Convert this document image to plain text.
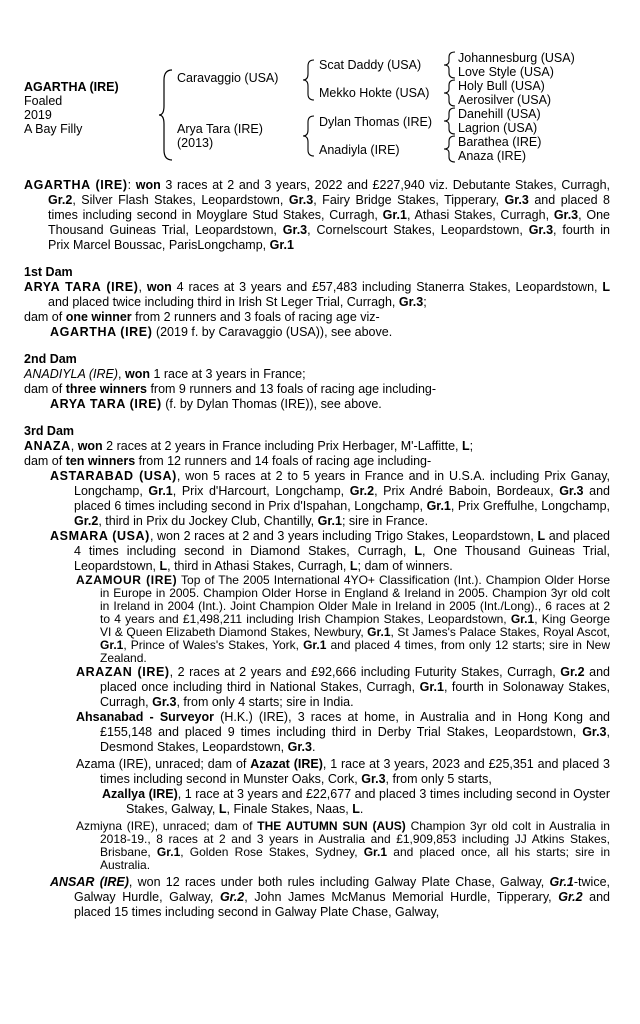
AGARTHA (IRE)
Foaled
2019
A Bay Filly
Caravaggio (USA)
Arya Tara (IRE)
(2013)
Scat Daddy (USA)
Mekko Hokte (USA)
Dylan Thomas (IRE)
Anadiyla (IRE)
Johannesburg (USA)
Love Style (USA)
Holy Bull (USA)
Aerosilver (USA)
Danehill (USA)
Lagrion (USA)
Barathea (IRE)
Anaza (IRE)

AGARTHA (IRE): won 3 races at 2 and 3 years, 2022 and £227,940 viz. Debutante Stakes, Curragh, Gr.2, Silver Flash Stakes, Leopardstown, Gr.3, Fairy Bridge Stakes, Tipperary, Gr.3 and placed 8 times including second in Moyglare Stud Stakes, Curragh, Gr.1, Athasi Stakes, Curragh, Gr.3, One Thousand Guineas Trial, Leopardstown, Gr.3, Cornelscourt Stakes, Leopardstown, Gr.3, fourth in Prix Marcel Boussac, ParisLongchamp, Gr.1

1st Dam

ARYA TARA (IRE), won 4 races at 3 years and £57,483 including Stanerra Stakes, Leopardstown, L and placed twice including third in Irish St Leger Trial, Curragh, Gr.3;

dam of one winner from 2 runners and 3 foals of racing age viz-

AGARTHA (IRE) (2019 f. by Caravaggio (USA)), see above.

2nd Dam

ANADIYLA (IRE), won 1 race at 3 years in France;

dam of three winners from 9 runners and 13 foals of racing age including-

ARYA TARA (IRE) (f. by Dylan Thomas (IRE)), see above.

3rd Dam

ANAZA, won 2 races at 2 years in France including Prix Herbager, M'-Laffitte, L;

dam of ten winners from 12 runners and 14 foals of racing age including-

ASTARABAD (USA), won 5 races at 2 to 5 years in France and in U.S.A. including Prix Ganay, Longchamp, Gr.1, Prix d'Harcourt, Longchamp, Gr.2, Prix André Baboin, Bordeaux, Gr.3 and placed 6 times including second in Prix d'Ispahan, Longchamp, Gr.1, Prix Greffulhe, Longchamp, Gr.2, third in Prix du Jockey Club, Chantilly, Gr.1; sire in France.

ASMARA (USA), won 2 races at 2 and 3 years including Trigo Stakes, Leopardstown, L and placed 4 times including second in Diamond Stakes, Curragh, L, One Thousand Guineas Trial, Leopardstown, L, third in Athasi Stakes, Curragh, L; dam of winners.

AZAMOUR (IRE) Top of The 2005 International 4YO+ Classification (Int.). Champion Older Horse in Europe in 2005. Champion Older Horse in England & Ireland in 2005. Champion 3yr old colt in Ireland in 2004 (Int.). Joint Champion Older Male in Ireland in 2005 (Int./Long)., 6 races at 2 to 4 years and £1,498,211 including Irish Champion Stakes, Leopardstown, Gr.1, King George VI & Queen Elizabeth Diamond Stakes, Newbury, Gr.1, St James's Palace Stakes, Royal Ascot, Gr.1, Prince of Wales's Stakes, York, Gr.1 and placed 4 times, from only 12 starts; sire in New Zealand.

ARAZAN (IRE), 2 races at 2 years and £92,666 including Futurity Stakes, Curragh, Gr.2 and placed once including third in National Stakes, Curragh, Gr.1, fourth in Solonaway Stakes, Curragh, Gr.3, from only 4 starts; sire in India.

Ahsanabad - Surveyor (H.K.) (IRE), 3 races at home, in Australia and in Hong Kong and £155,148 and placed 9 times including third in Derby Trial Stakes, Leopardstown, Gr.3, Desmond Stakes, Leopardstown, Gr.3.

Azama (IRE), unraced; dam of Azazat (IRE), 1 race at 3 years, 2023 and £25,351 and placed 3 times including second in Munster Oaks, Cork, Gr.3, from only 5 starts,

Azallya (IRE), 1 race at 3 years and £22,677 and placed 3 times including second in Oyster Stakes, Galway, L, Finale Stakes, Naas, L.

Azmiyna (IRE), unraced; dam of THE AUTUMN SUN (AUS) Champion 3yr old colt in Australia in 2018-19., 8 races at 2 and 3 years in Australia and £1,909,853 including JJ Atkins Stakes, Brisbane, Gr.1, Golden Rose Stakes, Sydney, Gr.1 and placed once, all his starts; sire in Australia.

ANSAR (IRE), won 12 races under both rules including Galway Plate Chase, Galway, Gr.1-twice, Galway Hurdle, Galway, Gr.2, John James McManus Memorial Hurdle, Tipperary, Gr.2 and placed 15 times including second in Galway Plate Chase, Galway,
